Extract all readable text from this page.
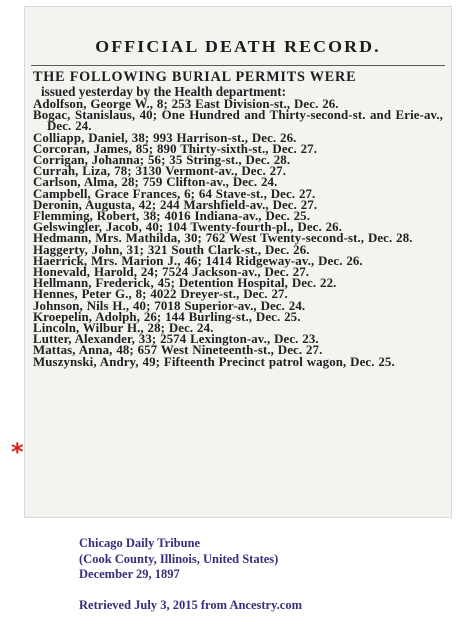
OFFICIAL DEATH RECORD.
THE FOLLOWING BURIAL PERMITS WERE
issued yesterday by the Health department:
Adolfson, George W., 8; 253 East Division-st., Dec. 26.
Bogac, Stanislaus, 40; One Hundred and Thirty-second-st. and Erie-av., Dec. 24.
Colliapp, Daniel, 38; 993 Harrison-st., Dec. 26.
Corcoran, James, 85; 890 Thirty-sixth-st., Dec. 27.
Corrigan, Johanna; 56; 35 String-st., Dec. 28.
Currah, Liza, 78; 3130 Vermont-av., Dec. 27.
Carlson, Alma, 28; 759 Clifton-av., Dec. 24.
Campbell, Grace Frances, 6; 64 Stave-st., Dec. 27.
Deronin, Augusta, 42; 244 Marshfield-av., Dec. 27.
Flemming, Robert, 38; 4016 Indiana-av., Dec. 25.
Gelswingler, Jacob, 40; 104 Twenty-fourth-pl., Dec. 26.
Hedmann, Mrs. Mathilda, 30; 762 West Twenty-second-st., Dec. 28.
Haggerty, John, 31; 321 South Clark-st., Dec. 26.
Haerrick, Mrs. Marion J., 46; 1414 Ridgeway-av., Dec. 26.
Honevald, Harold, 24; 7524 Jackson-av., Dec. 27.
Hellmann, Frederick, 45; Detention Hospital, Dec. 22.
Hennes, Peter G., 8; 4022 Dreyer-st., Dec. 27.
Johnson, Nils H., 40; 7018 Superior-av., Dec. 24.
Kroepelin, Adolph, 26; 144 Burling-st., Dec. 25.
Lincoln, Wilbur H., 28; Dec. 24.
Lutter, Alexander, 33; 2574 Lexington-av., Dec. 23.
Mattas, Anna, 48; 657 West Nineteenth-st., Dec. 27.
Muszynski, Andry, 49; Fifteenth Precinct patrol wagon, Dec. 25.

*
Chicago Daily Tribune
(Cook County, Illinois, United States)
December 29, 1897
Retrieved July 3, 2015 from Ancestry.com
